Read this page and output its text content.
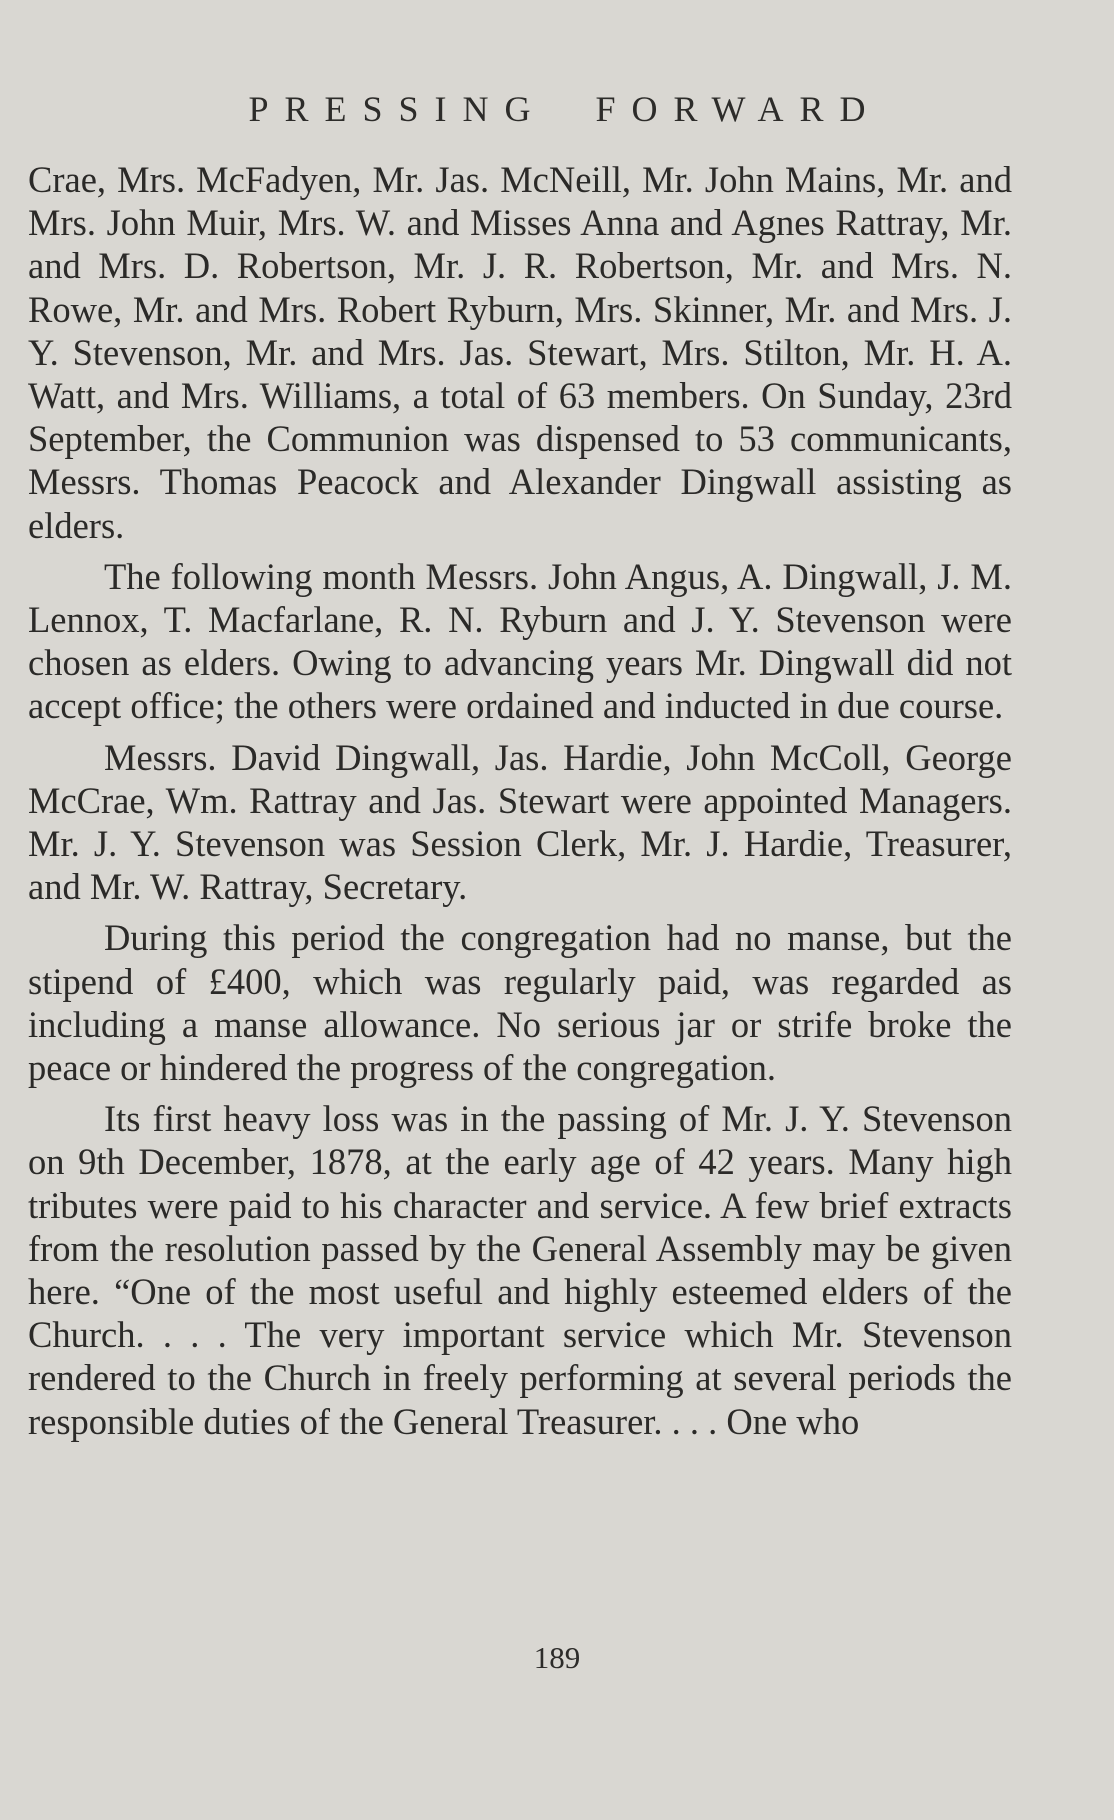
PRESSING FORWARD

Crae, Mrs. McFadyen, Mr. Jas. McNeill, Mr. John Mains, Mr. and Mrs. John Muir, Mrs. W. and Misses Anna and Agnes Rattray, Mr. and Mrs. D. Robertson, Mr. J. R. Robertson, Mr. and Mrs. N. Rowe, Mr. and Mrs. Robert Ryburn, Mrs. Skinner, Mr. and Mrs. J. Y. Stevenson, Mr. and Mrs. Jas. Stewart, Mrs. Stilton, Mr. H. A. Watt, and Mrs. Williams, a total of 63 members. On Sunday, 23rd September, the Communion was dispensed to 53 communicants, Messrs. Thomas Peacock and Alexander Dingwall assisting as elders.

The following month Messrs. John Angus, A. Dingwall, J. M. Lennox, T. Macfarlane, R. N. Ryburn and J. Y. Stevenson were chosen as elders. Owing to advancing years Mr. Dingwall did not accept office; the others were ordained and inducted in due course.

Messrs. David Dingwall, Jas. Hardie, John McColl, George McCrae, Wm. Rattray and Jas. Stewart were appointed Managers. Mr. J. Y. Stevenson was Session Clerk, Mr. J. Hardie, Treasurer, and Mr. W. Rattray, Secretary.

During this period the congregation had no manse, but the stipend of £400, which was regularly paid, was regarded as including a manse allowance. No serious jar or strife broke the peace or hindered the progress of the congregation.

Its first heavy loss was in the passing of Mr. J. Y. Stevenson on 9th December, 1878, at the early age of 42 years. Many high tributes were paid to his character and service. A few brief extracts from the resolution passed by the General Assembly may be given here. “One of the most useful and highly esteemed elders of the Church. . . . The very important service which Mr. Stevenson rendered to the Church in freely performing at several periods the responsible duties of the General Treasurer. . . . One who

189
